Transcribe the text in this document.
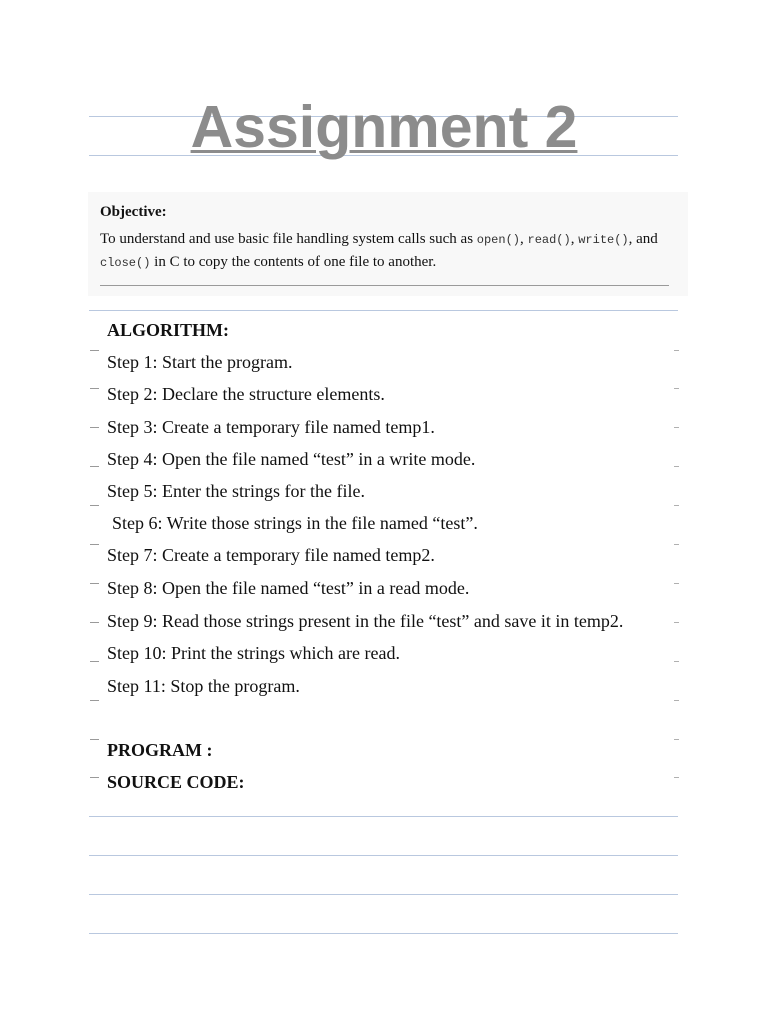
Assignment 2

Objective:

To understand and use basic file handling system calls such as open(), read(), write(), and
close() in C to copy the contents of one file to another.

ALGORITHM:

Step 1: Start the program.

Step 2: Declare the structure elements.

Step 3: Create a temporary file named temp1.

Step 4: Open the file named “test” in a write mode.

Step 5: Enter the strings for the file.

Step 6: Write those strings in the file named “test”.

Step 7: Create a temporary file named temp2.

Step 8: Open the file named “test” in a read mode.

Step 9: Read those strings present in the file “test” and save it in temp2.

Step 10: Print the strings which are read.

Step 11: Stop the program.

PROGRAM :

SOURCE CODE:
